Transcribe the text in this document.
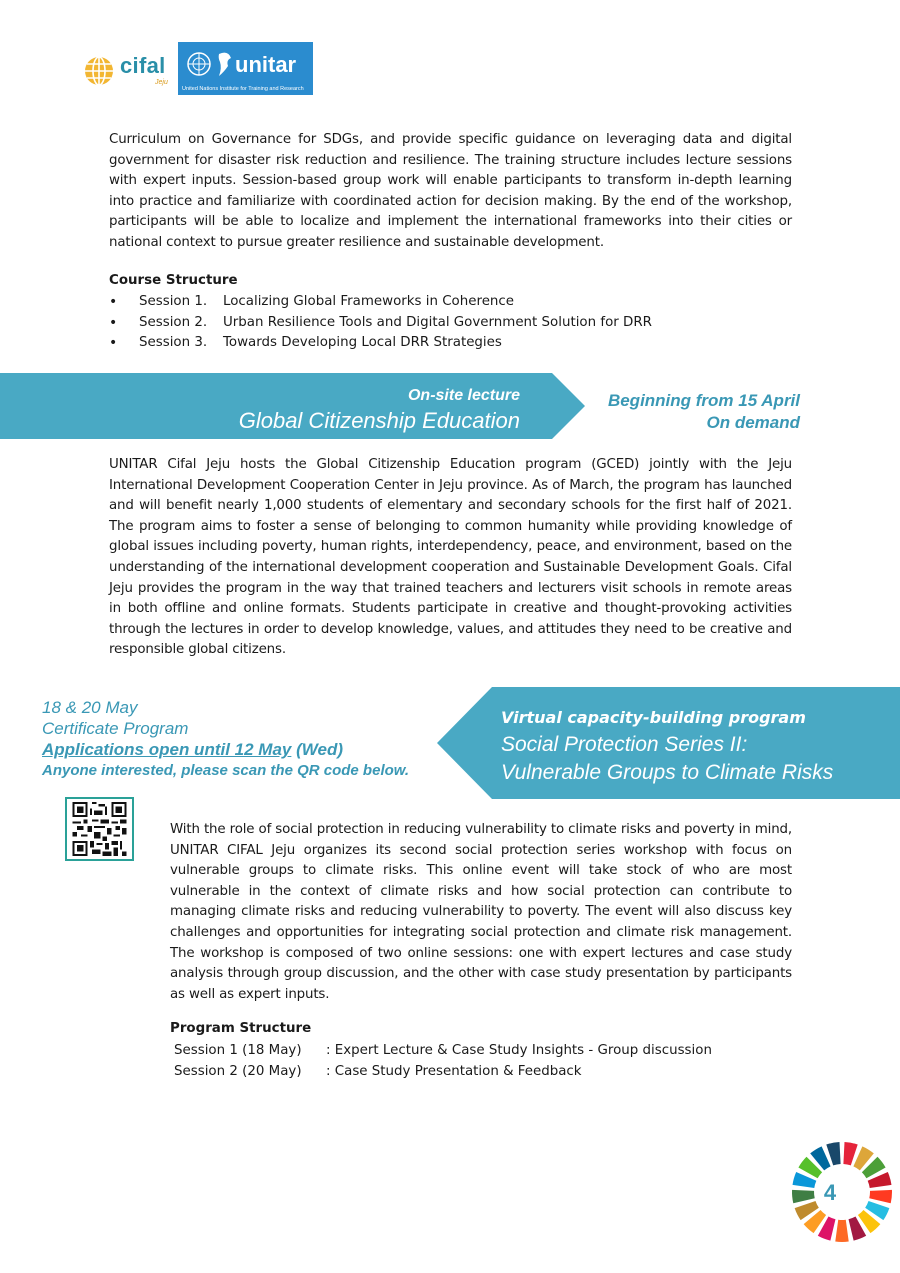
cifal
Jeju
unitar
United Nations Institute for Training and Research

Curriculum on Governance for SDGs, and provide specific guidance on leveraging data and digital government for disaster risk reduction and resilience. The training structure includes lecture sessions with expert inputs. Session-based group work will enable participants to transform in-depth learning into practice and familiarize with coordinated action for decision making. By the end of the workshop, participants will be able to localize and implement the international frameworks into their cities or national context to pursue greater resilience and sustainable development.

Course Structure
•	Session 1.	Localizing Global Frameworks in Coherence
•	Session 2.	Urban Resilience Tools and Digital Government Solution for DRR
•	Session 3.	Towards Developing Local DRR Strategies
On-site lecture
Global Citizenship Education
Beginning from 15 April
On demand

UNITAR Cifal Jeju hosts the Global Citizenship Education program (GCED) jointly with the Jeju International Development Cooperation Center in Jeju province. As of March, the program has launched and will benefit nearly 1,000 students of elementary and secondary schools for the first half of 2021. The program aims to foster a sense of belonging to common humanity while providing knowledge of global issues including poverty, human rights, interdependency, peace, and environment, based on the understanding of the international development cooperation and Sustainable Development Goals. Cifal Jeju provides the program in the way that trained teachers and lecturers visit schools in remote areas in both offline and online formats. Students participate in creative and thought-provoking activities through the lectures in order to develop knowledge, values, and attitudes they need to be creative and responsible global citizens.

18 & 20 May
Certificate Program
Applications open until 12 May (Wed)
Anyone interested, please scan the QR code below.
Virtual capacity-building program
Social Protection Series II:
Vulnerable Groups to Climate Risks

With the role of social protection in reducing vulnerability to climate risks and poverty in mind, UNITAR CIFAL Jeju organizes its second social protection series workshop with focus on vulnerable groups to climate risks. This online event will take stock of who are most vulnerable in the context of climate risks and how social protection can contribute to managing climate risks and reducing vulnerability to poverty. The event will also discuss key challenges and opportunities for integrating social protection and climate risk management. The workshop is composed of two online sessions: one with expert lectures and case study analysis through group discussion, and the other with case study presentation by participants as well as expert inputs.

Program Structure
Session 1 (18 May)	: Expert Lecture & Case Study Insights - Group discussion
Session 2 (20 May)	: Case Study Presentation & Feedback
4
